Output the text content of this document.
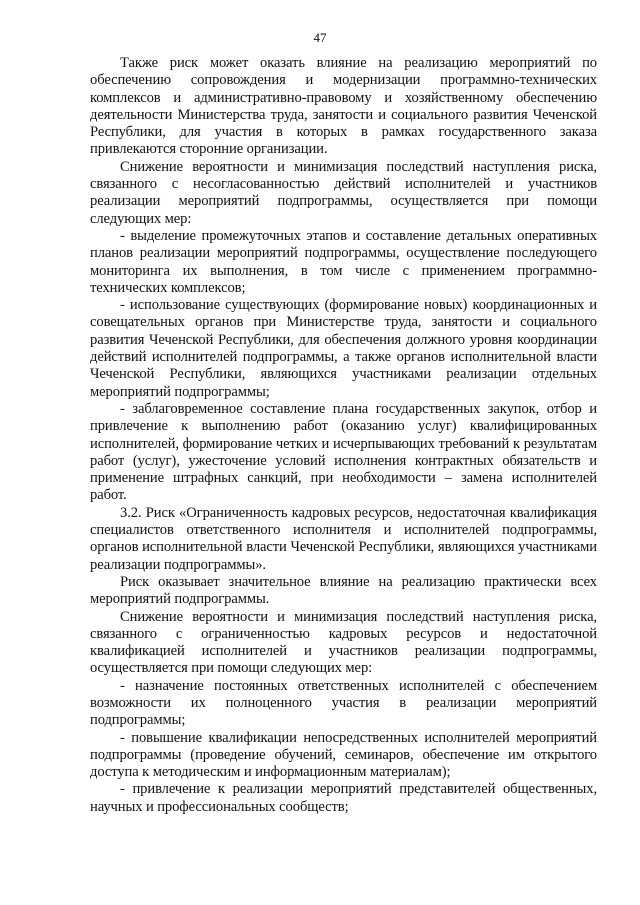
47

Также риск может оказать влияние на реализацию мероприятий по обеспечению сопровождения и модернизации программно-технических комплексов и административно-правовому и хозяйственному обеспечению деятельности Министерства труда, занятости и социального развития Чеченской Республики, для участия в которых в рамках государственного заказа привлекаются сторонние организации.

Снижение вероятности и минимизация последствий наступления риска, связанного с несогласованностью действий исполнителей и участников реализации мероприятий подпрограммы, осуществляется при помощи следующих мер:

- выделение промежуточных этапов и составление детальных оперативных планов реализации мероприятий подпрограммы, осуществление последующего мониторинга их выполнения, в том числе с применением программно-технических комплексов;

- использование существующих (формирование новых) координационных и совещательных органов при Министерстве труда, занятости и социального развития Чеченской Республики, для обеспечения должного уровня координации действий исполнителей подпрограммы, а также органов исполнительной власти Чеченской Республики, являющихся участниками реализации отдельных мероприятий подпрограммы;

- заблаговременное составление плана государственных закупок, отбор и привлечение к выполнению работ (оказанию услуг) квалифицированных исполнителей, формирование четких и исчерпывающих требований к результатам работ (услуг), ужесточение условий исполнения контрактных обязательств и применение штрафных санкций, при необходимости – замена исполнителей работ.

3.2. Риск «Ограниченность кадровых ресурсов, недостаточная квалификация специалистов ответственного исполнителя и исполнителей подпрограммы, органов исполнительной власти Чеченской Республики, являющихся участниками реализации подпрограммы».

Риск оказывает значительное влияние на реализацию практически всех мероприятий подпрограммы.

Снижение вероятности и минимизация последствий наступления риска, связанного с ограниченностью кадровых ресурсов и недостаточной квалификацией исполнителей и участников реализации подпрограммы, осуществляется при помощи следующих мер:

- назначение постоянных ответственных исполнителей с обеспечением возможности их полноценного участия в реализации мероприятий подпрограммы;

- повышение квалификации непосредственных исполнителей мероприятий подпрограммы (проведение обучений, семинаров, обеспечение им открытого доступа к методическим и информационным материалам);

- привлечение к реализации мероприятий представителей общественных, научных и профессиональных сообществ;
